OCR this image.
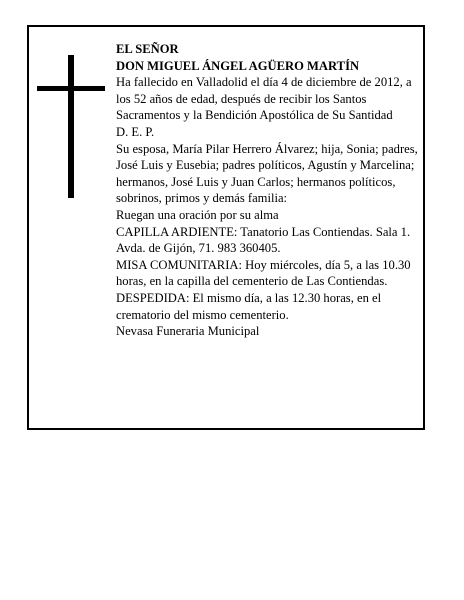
EL SEÑOR

DON MIGUEL ÁNGEL AGÜERO MARTÍN

Ha fallecido en Valladolid el día 4 de diciembre de 2012, a los 52 años de edad, después de recibir los Santos Sacramentos y la Bendición Apostólica de Su Santidad

D. E. P.

Su esposa, María Pilar Herrero Álvarez; hija, Sonia; padres, José Luis y Eusebia; padres políticos, Agustín y Marcelina; hermanos, José Luis y Juan Carlos; hermanos políticos, sobrinos, primos y demás familia:

Ruegan una oración por su alma

CAPILLA ARDIENTE: Tanatorio Las Contiendas. Sala 1. Avda. de Gijón, 71. 983 360405.

MISA COMUNITARIA: Hoy miércoles, día 5, a las 10.30 horas, en la capilla del cementerio de Las Contiendas.

DESPEDIDA: El mismo día, a las 12.30 horas, en el crematorio del mismo cementerio.

Nevasa Funeraria Municipal
